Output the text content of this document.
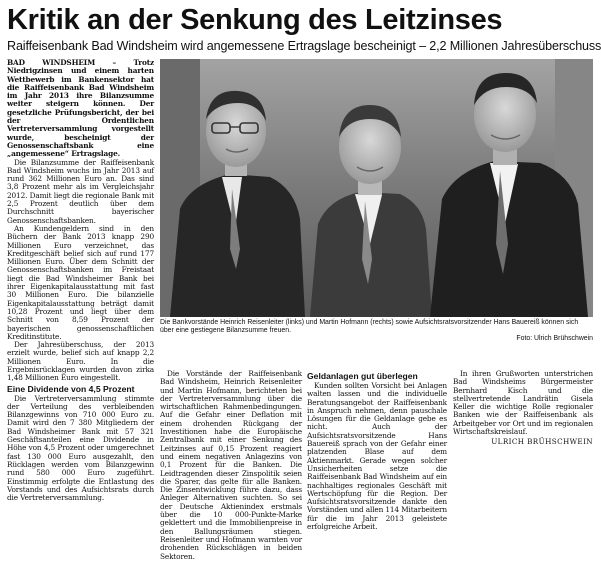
Kritik an der Senkung des Leitzinses
Raiffeisenbank Bad Windsheim wird angemessene Ertragslage bescheinigt – 2,2 Millionen Jahresüberschuss

BAD WINDSHEIM – Trotz Niedrigzinsen und einem harten Wettbewerb im Bankensektor hat die Raiffeisenbank Bad Windsheim im Jahr 2013 ihre Bilanzsumme weiter steigern können. Der gesetzliche Prüfungsbericht, der bei der Ordentlichen Vertreterversammlung vorgestellt wurde, bescheinigt der Genossenschaftsbank eine „angemessene“ Ertragslage.

Die Bilanzsumme der Raiffeisenbank Bad Windsheim wuchs im Jahr 2013 auf rund 362 Millionen Euro an. Das sind 3,8 Prozent mehr als im Vergleichsjahr 2012. Damit liegt die regionale Bank mit 2,5 Prozent deutlich über dem Durchschnitt bayerischer Genossenschaftsbanken.

An Kundengeldern sind in den Büchern der Bank 2013 knapp 290 Millionen Euro verzeichnet, das Kreditgeschäft belief sich auf rund 177 Millionen Euro. Über dem Schnitt der Genossenschaftsbanken im Freistaat liegt die Bad Windsheimer Bank bei ihrer Eigenkapitalausstattung mit fast 30 Millionen Euro. Die bilanzielle Eigenkapitalausstattung beträgt damit 10,28 Prozent und liegt über dem Schnitt von 8,59 Prozent der bayerischen genossenschaftlichen Kreditinstitute.

Der Jahresüberschuss, der 2013 erzielt wurde, belief sich auf knapp 2,2 Millionen Euro. In die Ergebnisrücklagen wurden davon zirka 1,48 Millionen Euro eingestellt.

Eine Dividende von 4,5 Prozent

Die Vertreterversammlung stimmte der Verteilung des verbleibenden Bilanzgewinns von 710 000 Euro zu. Damit wird den 7 380 Mitgliedern der Bad Windsheimer Bank mit 57 321 Geschäftsanteilen eine Dividende in Höhe von 4,5 Prozent oder umgerechnet fast 130 000 Euro ausgezahlt, den Rücklagen werden vom Bilanzgewinn rund 580 000 Euro zugeführt. Einstimmig erfolgte die Entlastung des Vorstands und des Aufsichtsrats durch die Vertreterversammlung.

Die Bankvorstände Heinrich Reisenleiter (links) und Martin Hofmann (rechts) sowie Aufsichtsratsvorsitzender Hans Bauereiß können sich über eine gestiegene Bilanzsumme freuen.
Foto: Ulrich Brühschwein

Die Vorstände der Raiffeisenbank Bad Windsheim, Heinrich Reisenleiter und Martin Hofmann, berichteten bei der Vertreterversammlung über die wirtschaftlichen Rahmenbedingungen. Auf die Gefahr einer Deflation mit einem drohenden Rückgang der Investitionen habe die Europäische Zentralbank mit einer Senkung des Leitzinses auf 0,15 Prozent reagiert und einem negativen Anlagezins von 0,1 Prozent für die Banken. Die Leidtragenden dieser Zinspolitik seien die Sparer, das gelte für alle Banken. Die Zinsentwicklung führe dazu, dass Anleger Alternativen suchten. So sei der Deutsche Aktienindex erstmals über die 10 000-Punkte-Marke geklettert und die Immobilienpreise in den Ballungsräumen stiegen. Reisenleiter und Hofmann warnten vor drohenden Rückschlägen in beiden Sektoren.

Geldanlagen gut überlegen

Kunden sollten Vorsicht bei Anlagen walten lassen und die individuelle Beratungsangebot der Raiffeisenbank in Anspruch nehmen, denn pauschale Lösungen für die Geldanlage gebe es nicht. Auch der Aufsichtsratsvorsitzende Hans Bauereiß sprach von der Gefahr einer platzenden Blase auf dem Aktienmarkt. Gerade wegen solcher Unsicherheiten setze die Raiffeisenbank Bad Windsheim auf ein nachhaltiges regionales Geschäft mit Wertschöpfung für die Region. Der Aufsichtsratsvorsitzende dankte den Vorständen und allen 114 Mitarbeitern für die im Jahr 2013 geleistete erfolgreiche Arbeit.

In ihren Grußworten unterstrichen Bad Windsheims Bürgermeister Bernhard Kisch und die stellvertretende Landrätin Gisela Keller die wichtige Rolle regionaler Banken wie der Raiffeisenbank als Arbeitgeber vor Ort und im regionalen Wirtschaftskreislauf.

ULRICH BRÜHSCHWEIN
